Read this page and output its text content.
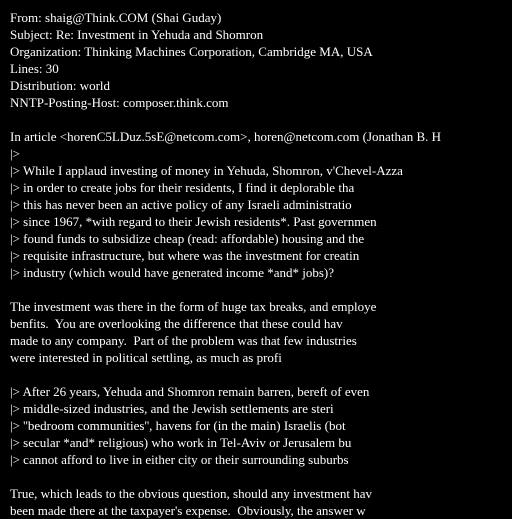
From: shaig@Think.COM (Shai Guday)
Subject: Re: Investment in Yehuda and Shomron
Organization: Thinking Machines Corporation, Cambridge MA, USA
Lines: 30
Distribution: world
NNTP-Posting-Host: composer.think.com
In article <horenC5LDuz.5sE@netcom.com>, horen@netcom.com (Jonathan B. H
|>
|> While I applaud investing of money in Yehuda, Shomron, v'Chevel-Azza
|> in order to create jobs for their residents, I find it deplorable tha
|> this has never been an active policy of any Israeli administratio
|> since 1967, *with regard to their Jewish residents*. Past governmen
|> found funds to subsidize cheap (read: affordable) housing and the
|> requisite infrastructure, but where was the investment for creatin
|> industry (which would have generated income *and* jobs)?
The investment was there in the form of huge tax breaks, and employe
benfits.  You are overlooking the difference that these could hav
made to any company.  Part of the problem was that few industries
were interested in political settling, as much as profi
|> After 26 years, Yehuda and Shomron remain barren, bereft of even
|> middle-sized industries, and the Jewish settlements are steri
|> ''bedroom communities'', havens for (in the main) Israelis (bot
|> secular *and* religious) who work in Tel-Aviv or Jerusalem bu
|> cannot afford to live in either city or their surrounding suburbs
True, which leads to the obvious question, should any investment hav
been made there at the taxpayer's expense.  Obviously, the answer w
